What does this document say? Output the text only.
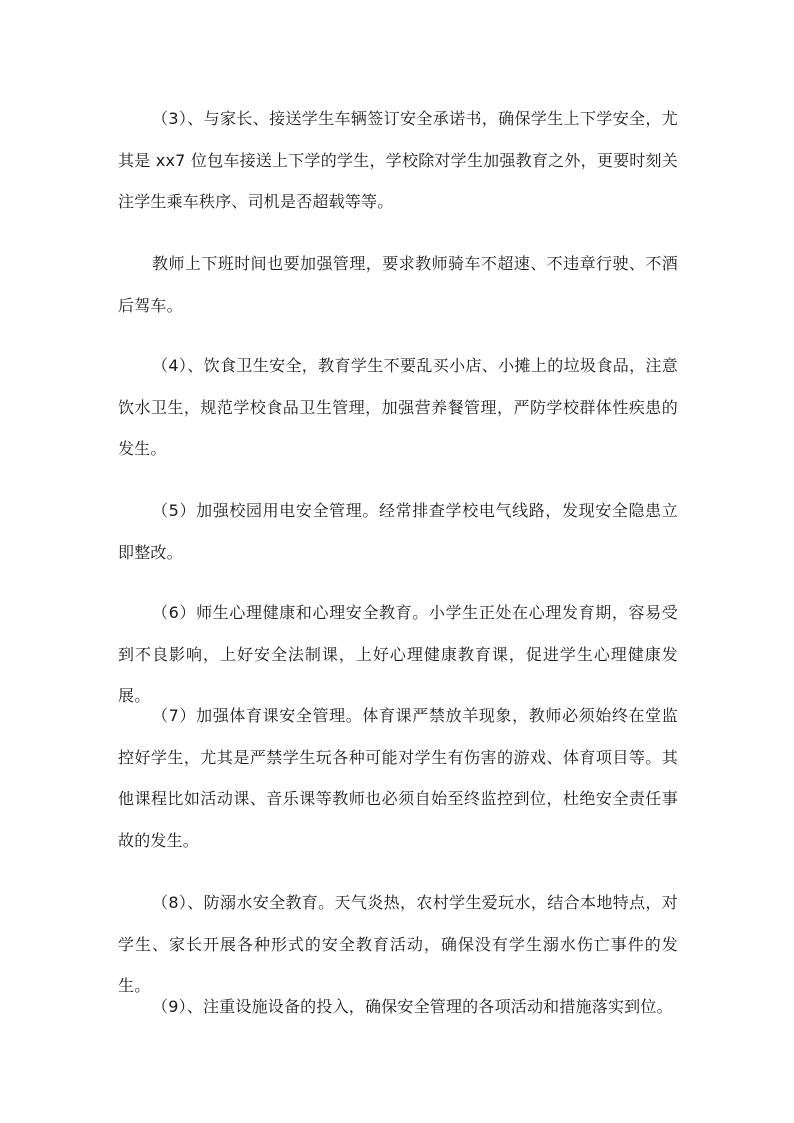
（3）、与家长、接送学生车辆签订安全承诺书，确保学生上下学安全，尤其是 xx7 位包车接送上下学的学生，学校除对学生加强教育之外，更要时刻关注学生乘车秩序、司机是否超载等等。

教师上下班时间也要加强管理，要求教师骑车不超速、不违章行驶、不酒后驾车。

（4）、饮食卫生安全，教育学生不要乱买小店、小摊上的垃圾食品，注意饮水卫生，规范学校食品卫生管理，加强营养餐管理，严防学校群体性疾患的发生。

（5）加强校园用电安全管理。经常排查学校电气线路，发现安全隐患立即整改。

（6）师生心理健康和心理安全教育。小学生正处在心理发育期，容易受到不良影响，上好安全法制课，上好心理健康教育课，促进学生心理健康发展。

（7）加强体育课安全管理。体育课严禁放羊现象，教师必须始终在堂监控好学生，尤其是严禁学生玩各种可能对学生有伤害的游戏、体育项目等。其他课程比如活动课、音乐课等教师也必须自始至终监控到位，杜绝安全责任事故的发生。

（8）、防溺水安全教育。天气炎热，农村学生爱玩水，结合本地特点，对学生、家长开展各种形式的安全教育活动，确保没有学生溺水伤亡事件的发生。

（9）、注重设施设备的投入，确保安全管理的各项活动和措施落实到位。
